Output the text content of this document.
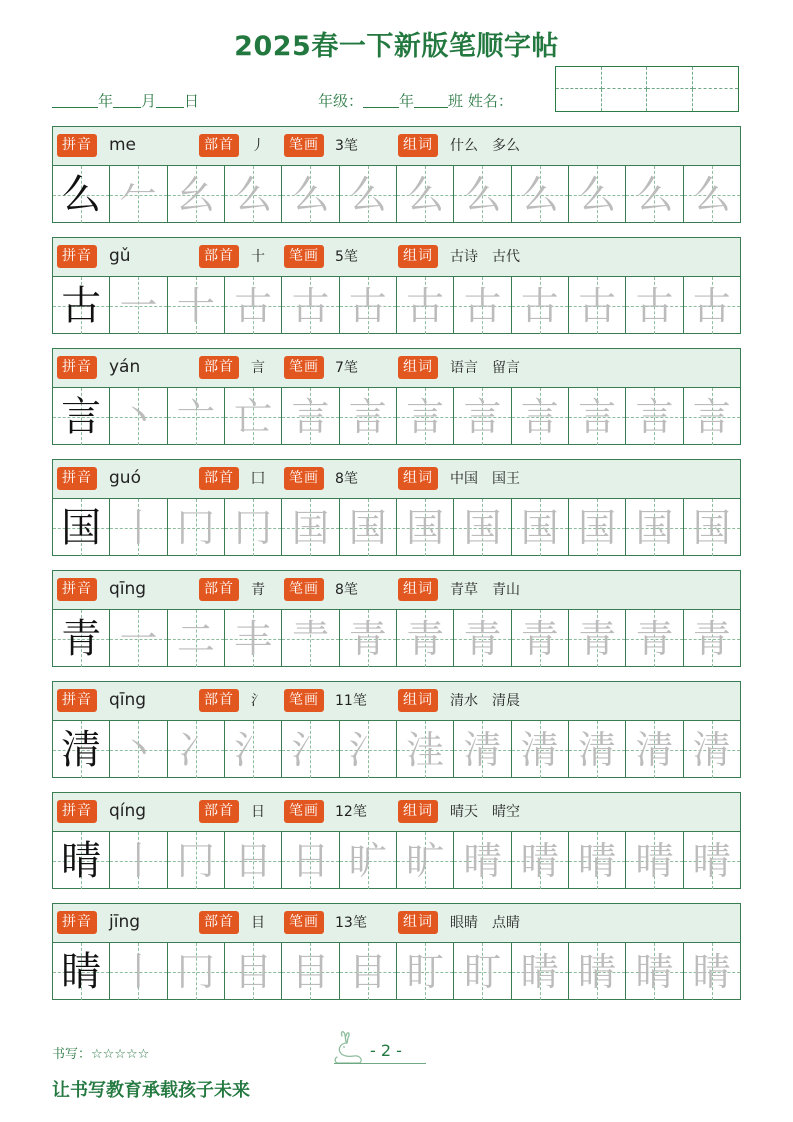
2025春一下新版笔顺字帖
年 月 日	年级： 年 班 姓名：
拼音 me	部首	丿	笔画	3笔	组词	什么　多么
么 𠂉 幺 么 么 么 么 么 么 么 么 么
拼音 gǔ	部首	十	笔画	5笔	组词	古诗　古代
古 一 十 古 古 古 古 古 古 古 古 古
拼音 yán	部首	言	笔画	7笔	组词	语言　留言
言 丶 亠 亡 言 言 言 言 言 言 言 言
拼音 guó	部首	囗	笔画	8笔	组词	中国　国王
国 丨 冂 冂 囯 国 国 国 国 国 国 国
拼音 qīng	部首	青	笔画	8笔	组词	青草　青山
青 一 二 丰 龶 青 青 青 青 青 青 青
拼音 qīng	部首	氵	笔画	11笔	组词	清水　清晨
清 丶 冫 氵 氵 氵 洼 清 清 清 清 清
拼音 qíng	部首	日	笔画	12笔	组词	晴天　晴空
晴 丨 冂 日 日 旷 旷 晴 晴 晴 晴 晴
拼音 jīng	部首	目	笔画	13笔	组词	眼睛　点睛
睛 丨 冂 目 目 目 盯 盯 睛 睛 睛 睛
书写：☆☆☆☆☆	- 2 -
让书写教育承载孩子未来
